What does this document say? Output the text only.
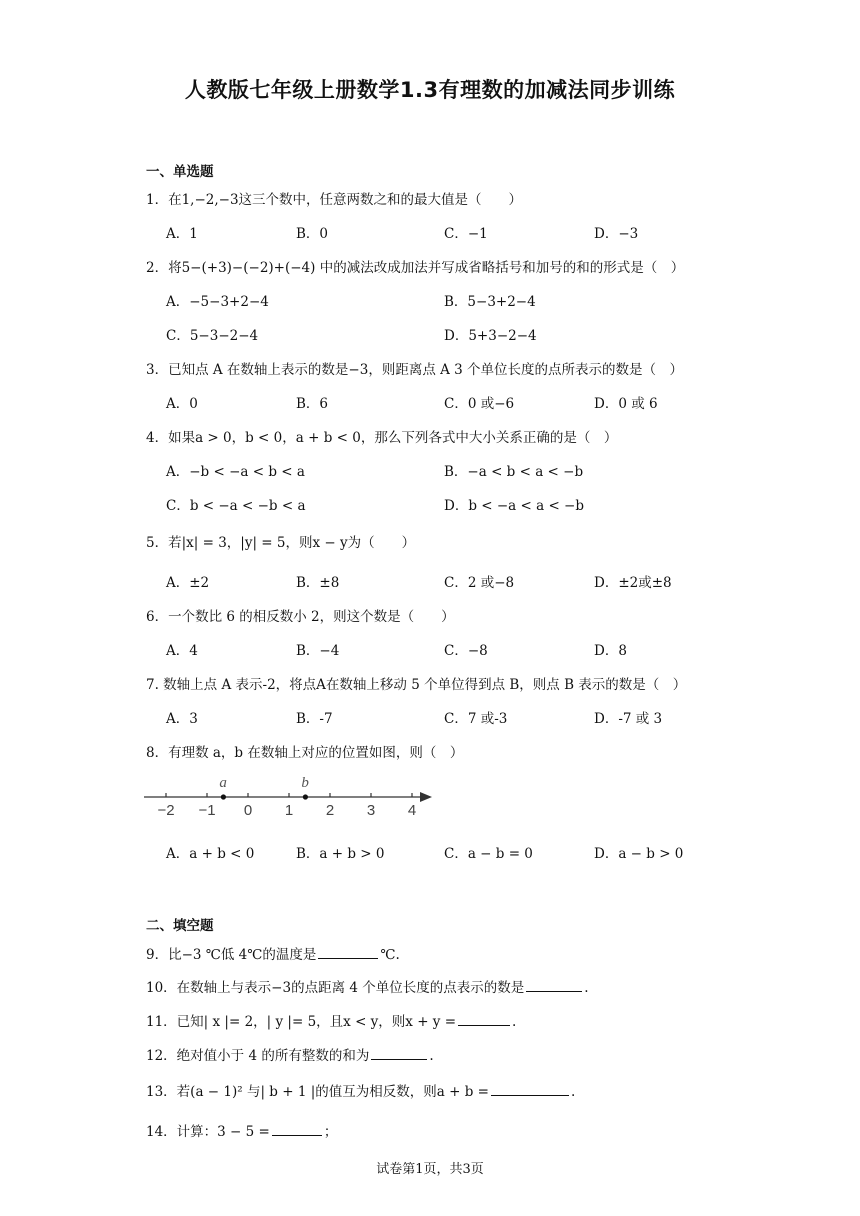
人教版七年级上册数学1.3有理数的加减法同步训练
一、单选题
1．在1,−2,−3这三个数中，任意两数之和的最大值是（　　）
A．1	B．0	C．−1	D．−3
2．将5−(+3)−(−2)+(−4) 中的减法改成加法并写成省略括号和加号的和的形式是（　）
A．−5−3+2−4	B．5−3+2−4
C．5−3−2−4	D．5+3−2−4
3．已知点 A 在数轴上表示的数是−3，则距离点 A 3 个单位长度的点所表示的数是（　）
A．0	B．6	C．0 或−6	D．0 或 6
4．如果a > 0，b < 0，a + b < 0，那么下列各式中大小关系正确的是（　）
A．−b < −a < b < a	B．−a < b < a < −b
C．b < −a < −b < a	D．b < −a < a < −b
5．若|x| = 3，|y| = 5，则x − y为（　　）
A．±2	B．±8	C．2 或−8	D．±2或±8
6．一个数比 6 的相反数小 2，则这个数是（　　）
A．4	B．−4	C．−8	D．8
7. 数轴上点 A 表示-2，将点A在数轴上移动 5 个单位得到点 B，则点 B 表示的数是（　）
A．3	B．-7	C．7 或-3	D．-7 或 3
8．有理数 a，b 在数轴上对应的位置如图，则（　）
−2 −1 0 1 2 3 4
a	b
A．a + b < 0	B．a + b > 0	C．a − b = 0	D．a − b > 0
二、填空题
9．比−3 ℃低 4℃的温度是	℃.
10．在数轴上与表示−3的点距离 4 个单位长度的点表示的数是	.
11．已知| x |= 2，| y |= 5，且x < y，则x + y =	.
12．绝对值小于 4 的所有整数的和为	.
13．若(a − 1)² 与| b + 1 |的值互为相反数，则a + b =	.
14．计算：3 − 5 =	；
试卷第1页，共3页
